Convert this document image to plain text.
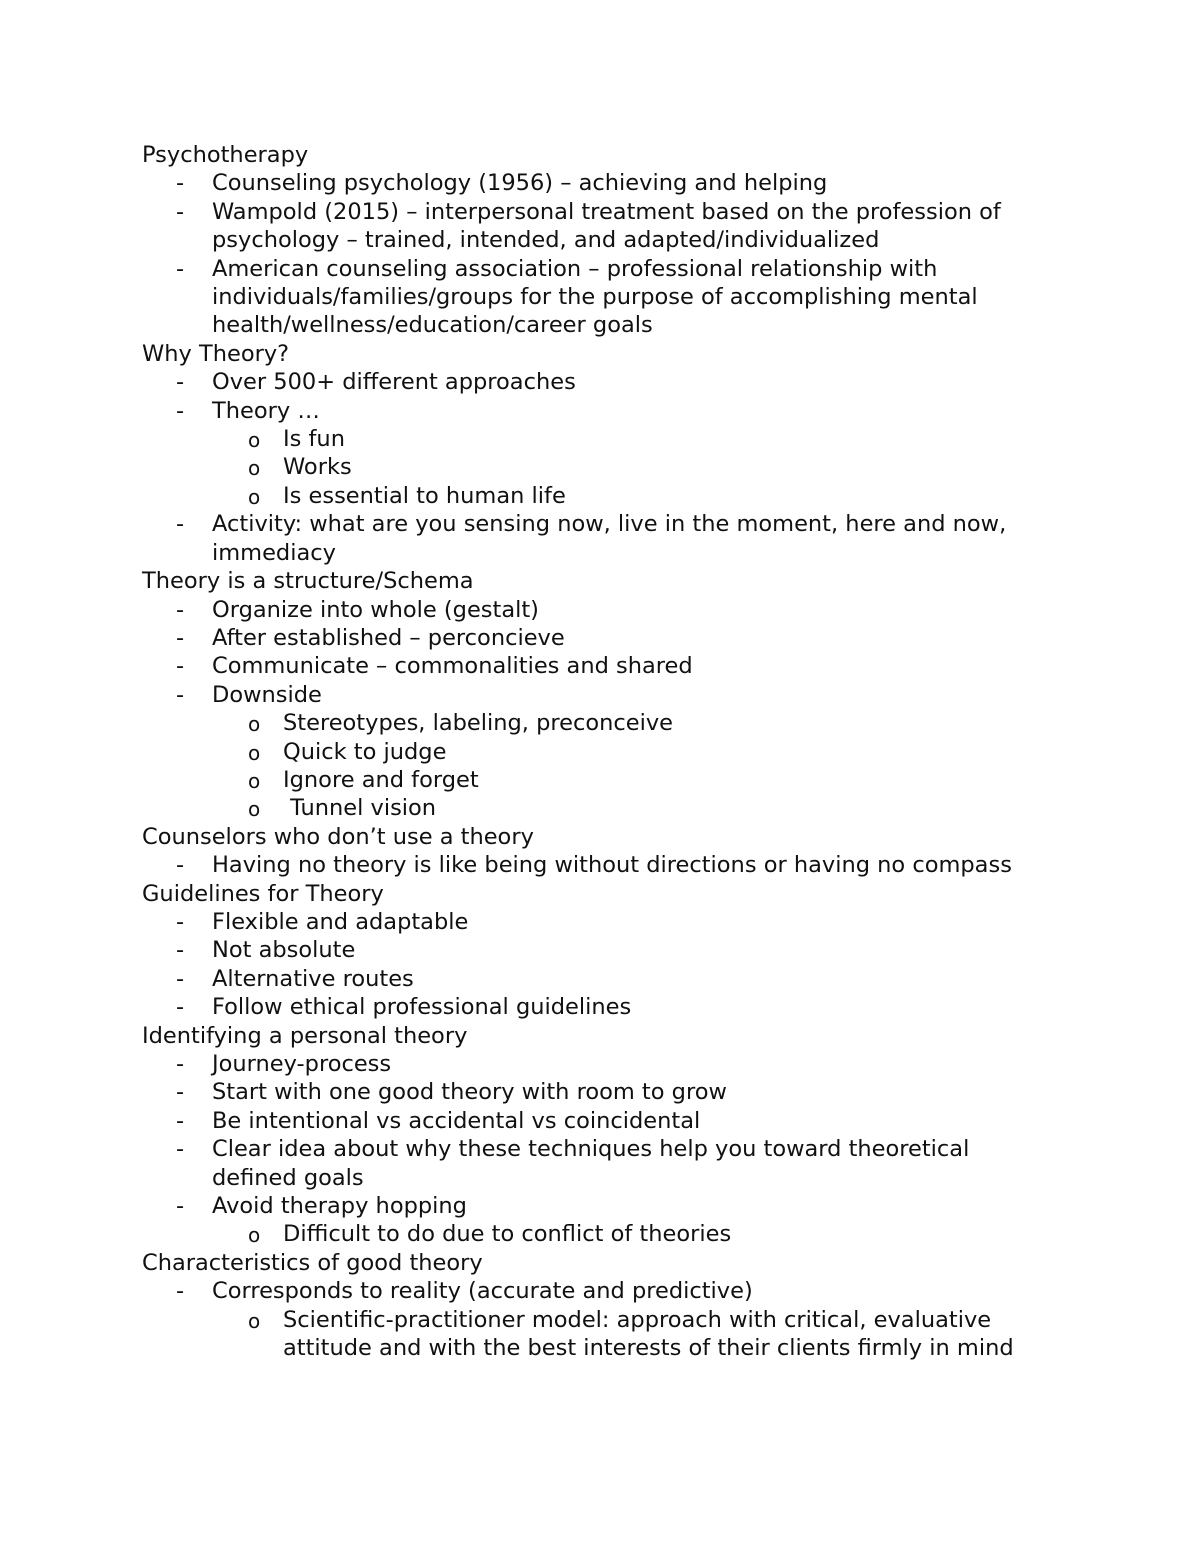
Psychotherapy
- Counseling psychology (1956) – achieving and helping
- Wampold (2015) – interpersonal treatment based on the profession of
psychology – trained, intended, and adapted/individualized
- American counseling association – professional relationship with
individuals/families/groups for the purpose of accomplishing mental
health/wellness/education/career goals
Why Theory?
- Over 500+ different approaches
- Theory …
o Is fun
o Works
o Is essential to human life
- Activity: what are you sensing now, live in the moment, here and now,
immediacy
Theory is a structure/Schema
- Organize into whole (gestalt)
- After established – perconcieve
- Communicate – commonalities and shared
- Downside
o Stereotypes, labeling, preconceive
o Quick to judge
o Ignore and forget
o Tunnel vision
Counselors who don’t use a theory
- Having no theory is like being without directions or having no compass
Guidelines for Theory
- Flexible and adaptable
- Not absolute
- Alternative routes
- Follow ethical professional guidelines
Identifying a personal theory
- Journey-process
- Start with one good theory with room to grow
- Be intentional vs accidental vs coincidental
- Clear idea about why these techniques help you toward theoretical
defined goals
- Avoid therapy hopping
o Difficult to do due to conflict of theories
Characteristics of good theory
- Corresponds to reality (accurate and predictive)
o Scientific-practitioner model: approach with critical, evaluative
attitude and with the best interests of their clients firmly in mind
